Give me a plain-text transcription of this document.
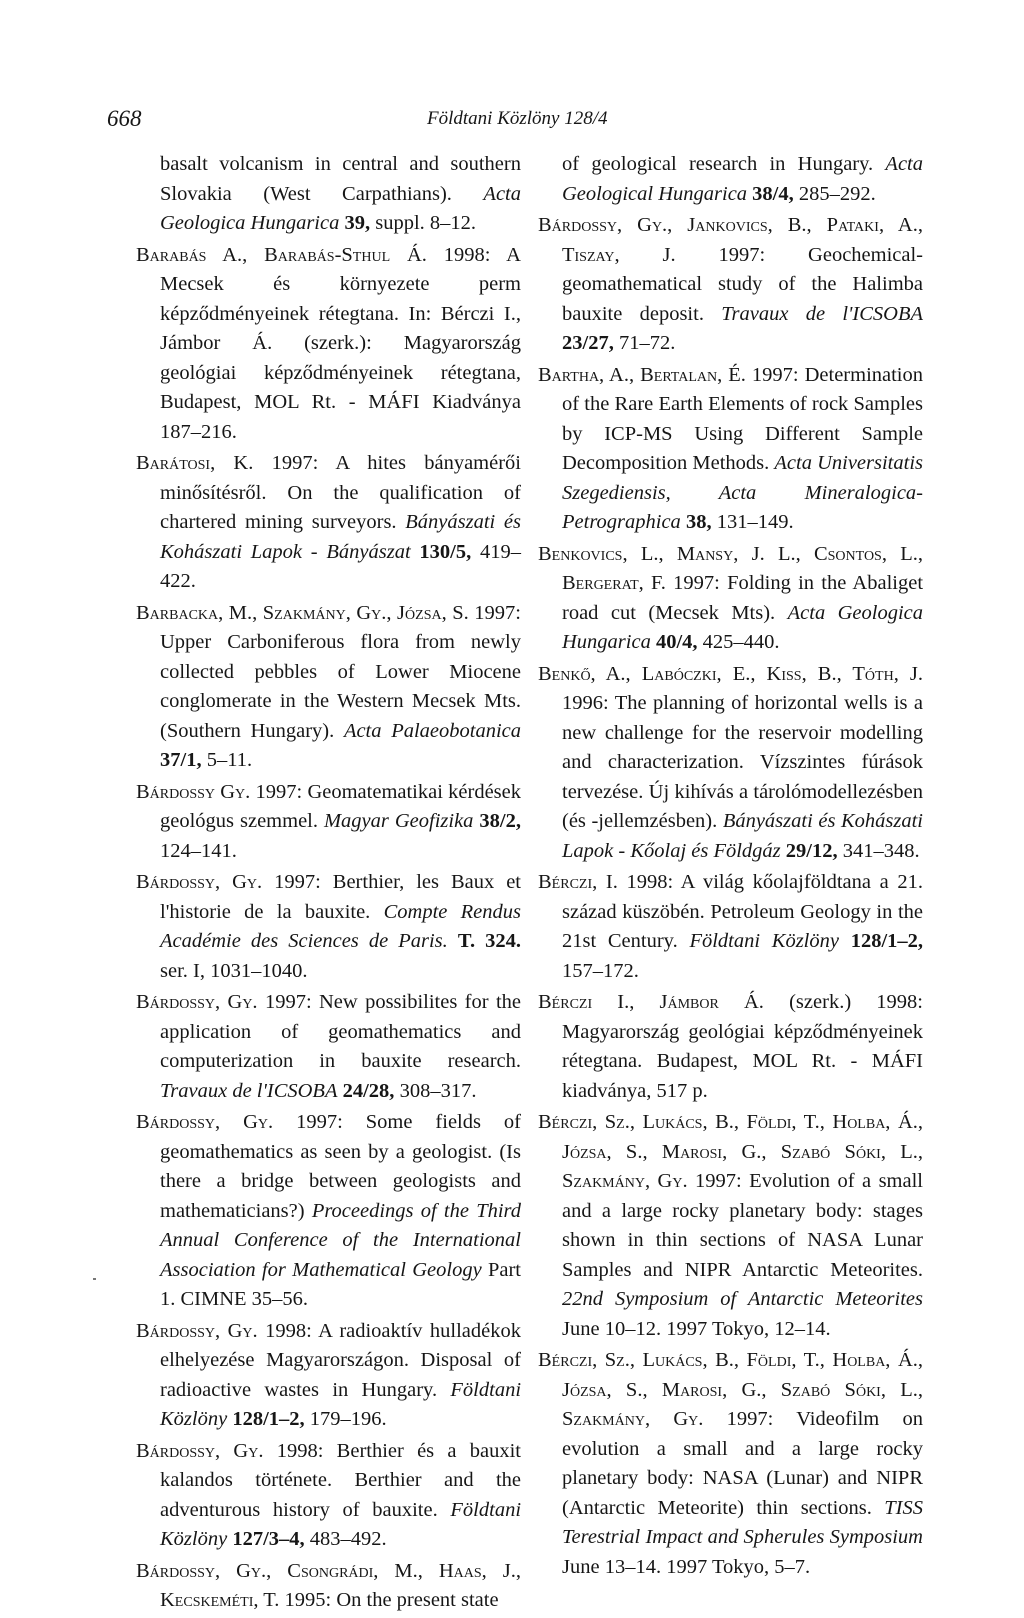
668	Földtani Közlöny 128/4

basalt volcanism in central and southern Slovakia (West Carpathians). Acta Geologica Hungarica 39, suppl. 8–12.

Barabás A., Barabás-Sthul Á. 1998: A Mecsek és környezete perm képződményeinek rétegtana. In: Bérczi I., Jámbor Á. (szerk.): Magyarország geológiai képződményeinek rétegtana, Budapest, MOL Rt. - MÁFI Kiadványa 187–216.

Barátosi, K. 1997: A hites bányamérői minősítésről. On the qualification of chartered mining surveyors. Bányászati és Kohászati Lapok - Bányászat 130/5, 419–422.

Barbacka, M., Szakmány, Gy., Józsa, S. 1997: Upper Carboniferous flora from newly collected pebbles of Lower Miocene conglomerate in the Western Mecsek Mts. (Southern Hungary). Acta Palaeobotanica 37/1, 5–11.

Bárdossy Gy. 1997: Geomatematikai kérdések geológus szemmel. Magyar Geofizika 38/2, 124–141.

Bárdossy, Gy. 1997: Berthier, les Baux et l'historie de la bauxite. Compte Rendus Académie des Sciences de Paris. T. 324. ser. I, 1031–1040.

Bárdossy, Gy. 1997: New possibilites for the application of geomathematics and computerization in bauxite research. Travaux de l'ICSOBA 24/28, 308–317.

Bárdossy, Gy. 1997: Some fields of geomathematics as seen by a geologist. (Is there a bridge between geologists and mathematicians?) Proceedings of the Third Annual Conference of the International Association for Mathematical Geology Part 1. CIMNE 35–56.

Bárdossy, Gy. 1998: A radioaktív hulladékok elhelyezése Magyarországon. Disposal of radioactive wastes in Hungary. Földtani Közlöny 128/1–2, 179–196.

Bárdossy, Gy. 1998: Berthier és a bauxit kalandos története. Berthier and the adventurous history of bauxite. Földtani Közlöny 127/3–4, 483–492.

Bárdossy, Gy., Csongrádi, M., Haas, J., Kecskeméti, T. 1995: On the present state

of geological research in Hungary. Acta Geological Hungarica 38/4, 285–292.

Bárdossy, Gy., Jankovics, B., Pataki, A., Tiszay, J. 1997: Geochemical- geomathematical study of the Halimba bauxite deposit. Travaux de l'ICSOBA 23/27, 71–72.

Bartha, A., Bertalan, É. 1997: Determination of the Rare Earth Elements of rock Samples by ICP-MS Using Different Sample Decomposition Methods. Acta Universitatis Szegediensis, Acta Mineralogica-Petrographica 38, 131–149.

Benkovics, L., Mansy, J. L., Csontos, L., Bergerat, F. 1997: Folding in the Abaliget road cut (Mecsek Mts). Acta Geologica Hungarica 40/4, 425–440.

Benkő, A., Labóczki, E., Kiss, B., Tóth, J. 1996: The planning of horizontal wells is a new challenge for the reservoir modelling and characterization. Vízszintes fúrások tervezése. Új kihívás a tárolómodellezésben (és -jellemzésben). Bányászati és Kohászati Lapok - Kőolaj és Földgáz 29/12, 341–348.

Bérczi, I. 1998: A világ kőolajföldtana a 21. század küszöbén. Petroleum Geology in the 21st Century. Földtani Közlöny 128/1–2, 157–172.

Bérczi I., Jámbor Á. (szerk.) 1998: Magyarország geológiai képződményeinek rétegtana. Budapest, MOL Rt. - MÁFI kiadványa, 517 p.

Bérczi, Sz., Lukács, B., Földi, T., Holba, Á., Józsa, S., Marosi, G., Szabó Sóki, L., Szakmány, Gy. 1997: Evolution of a small and a large rocky planetary body: stages shown in thin sections of NASA Lunar Samples and NIPR Antarctic Meteorites. 22nd Symposium of Antarctic Meteorites June 10–12. 1997 Tokyo, 12–14.

Bérczi, Sz., Lukács, B., Földi, T., Holba, Á., Józsa, S., Marosi, G., Szabó Sóki, L., Szakmány, Gy. 1997: Videofilm on evolution a small and a large rocky planetary body: NASA (Lunar) and NIPR (Antarctic Meteorite) thin sections. TISS Terestrial Impact and Spherules Symposium June 13–14. 1997 Tokyo, 5–7.
